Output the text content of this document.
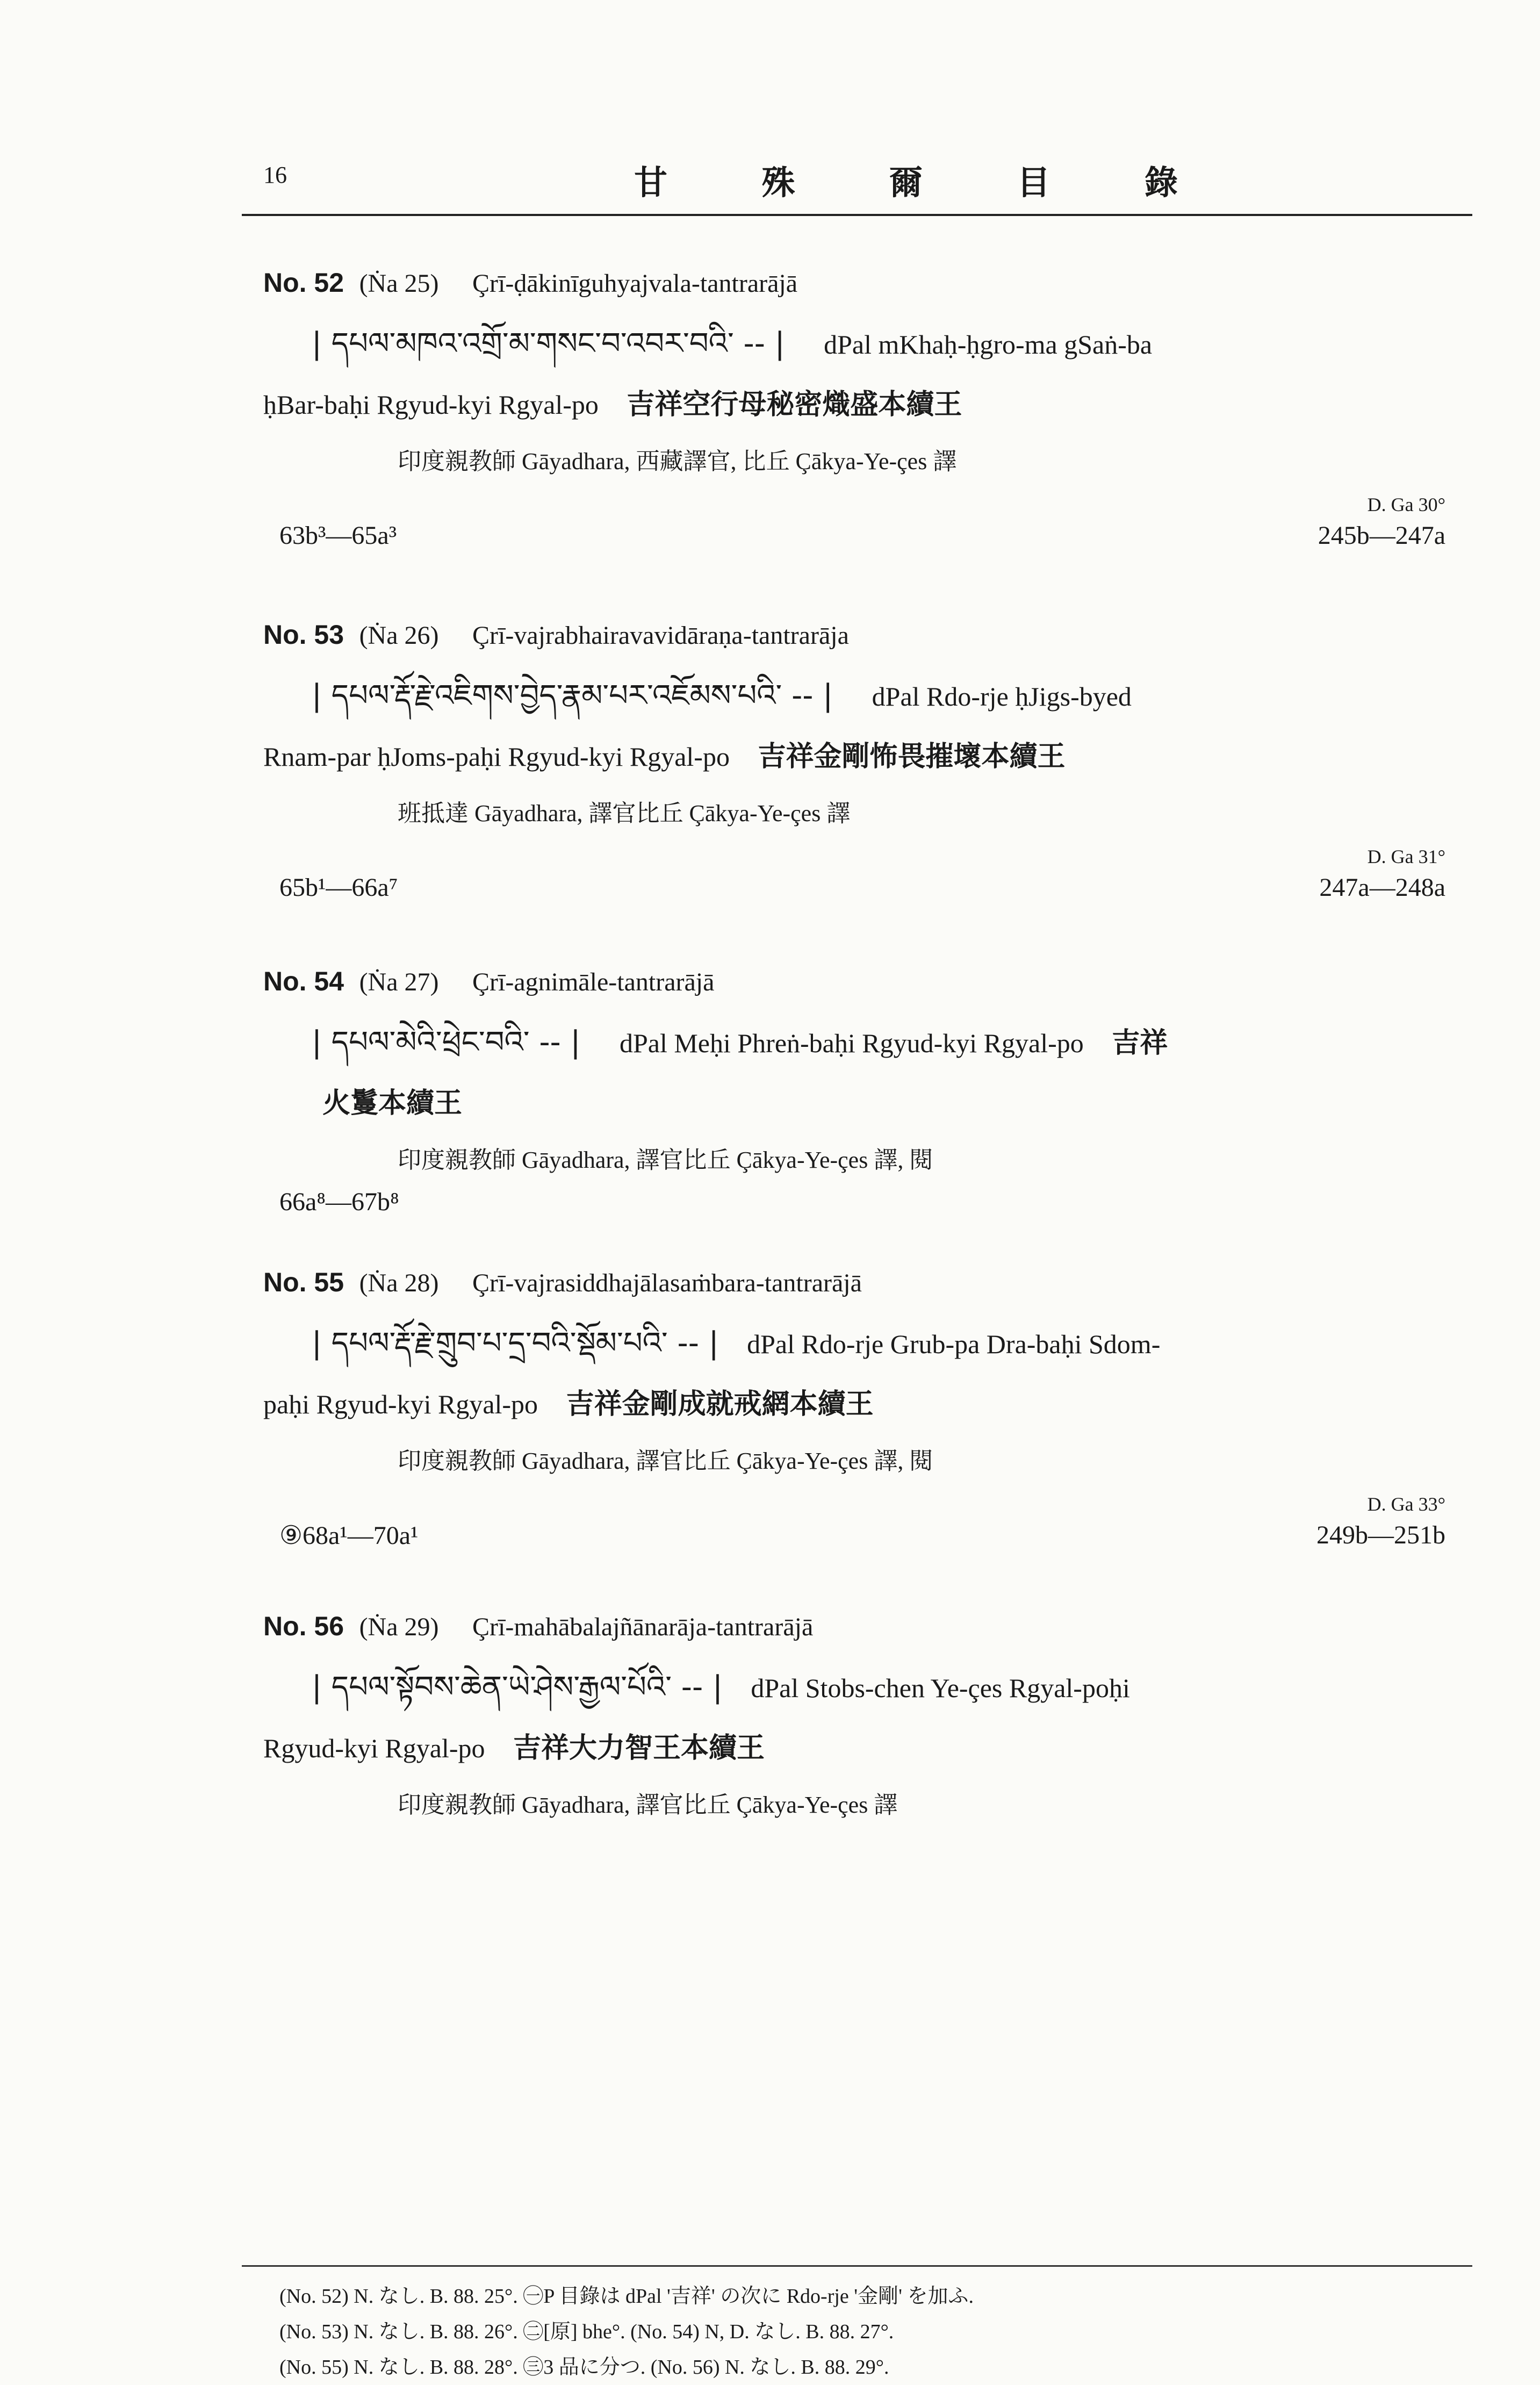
16	甘 殊 爾 目 錄
No. 52 (Ṅa 25) Çrī-ḍākinīguhyajvala-tantrarājā
| དཔལ་མཁའ་འགྲོ་མ་གསང་བ་འབར་བའི་ -- | dPal mKhaḥ-ḥgro-ma gSaṅ-ba
ḥBar-baḥi Rgyud-kyi Rgyal-po 吉祥空行母秘密熾盛本續王
印度親教師 Gāyadhara, 西藏譯官, 比丘 Çākya-Ye-çes 譯
D. Ga 30°
63b³—65a³	245b—247a
No. 53 (Ṅa 26) Çrī-vajrabhairavavidāraṇa-tantrarāja
| དཔལ་རྡོ་རྗེ་འཇིགས་བྱེད་རྣམ་པར་འཇོམས་པའི་ -- | dPal Rdo-rje ḥJigs-byed
Rnam-par ḥJoms-paḥi Rgyud-kyi Rgyal-po 吉祥金剛怖畏摧壞本續王
班抵達 Gāyadhara, 譯官比丘 Çākya-Ye-çes 譯
D. Ga 31°
65b¹—66a⁷	247a—248a
No. 54 (Ṅa 27) Çrī-agnimāle-tantrarājā
| དཔལ་མེའི་ཕྲེང་བའི་ -- | dPal Meḥi Phreṅ-baḥi Rgyud-kyi Rgyal-po 吉祥
火鬘本續王
印度親教師 Gāyadhara, 譯官比丘 Çākya-Ye-çes 譯, 閱
66a⁸—67b⁸
No. 55 (Ṅa 28) Çrī-vajrasiddhajālasaṁbara-tantrarājā
| དཔལ་རྡོ་རྗེ་གྲུབ་པ་དྲ་བའི་སྡོམ་པའི་ -- | dPal Rdo-rje Grub-pa Dra-baḥi Sdom-
paḥi Rgyud-kyi Rgyal-po 吉祥金剛成就戒網本續王
印度親教師 Gāyadhara, 譯官比丘 Çākya-Ye-çes 譯, 閱
D. Ga 33°
⑨68a¹—70a¹	249b—251b
No. 56 (Ṅa 29) Çrī-mahābalajñānarāja-tantrarājā
| དཔལ་སྟོབས་ཆེན་ཡེ་ཤེས་རྒྱལ་པོའི་ -- | dPal Stobs-chen Ye-çes Rgyal-poḥi
Rgyud-kyi Rgyal-po 吉祥大力智王本續王
印度親教師 Gāyadhara, 譯官比丘 Çākya-Ye-çes 譯
(No. 52) N. なし. B. 88. 25°. ㊀P 目錄は dPal '吉祥' の次に Rdo-rje '金剛' を加ふ.
(No. 53) N. なし. B. 88. 26°. ㊁[原] bhe°. (No. 54) N, D. なし. B. 88. 27°.
(No. 55) N. なし. B. 88. 28°. ㊂3 品に分つ. (No. 56) N. なし. B. 88. 29°.
